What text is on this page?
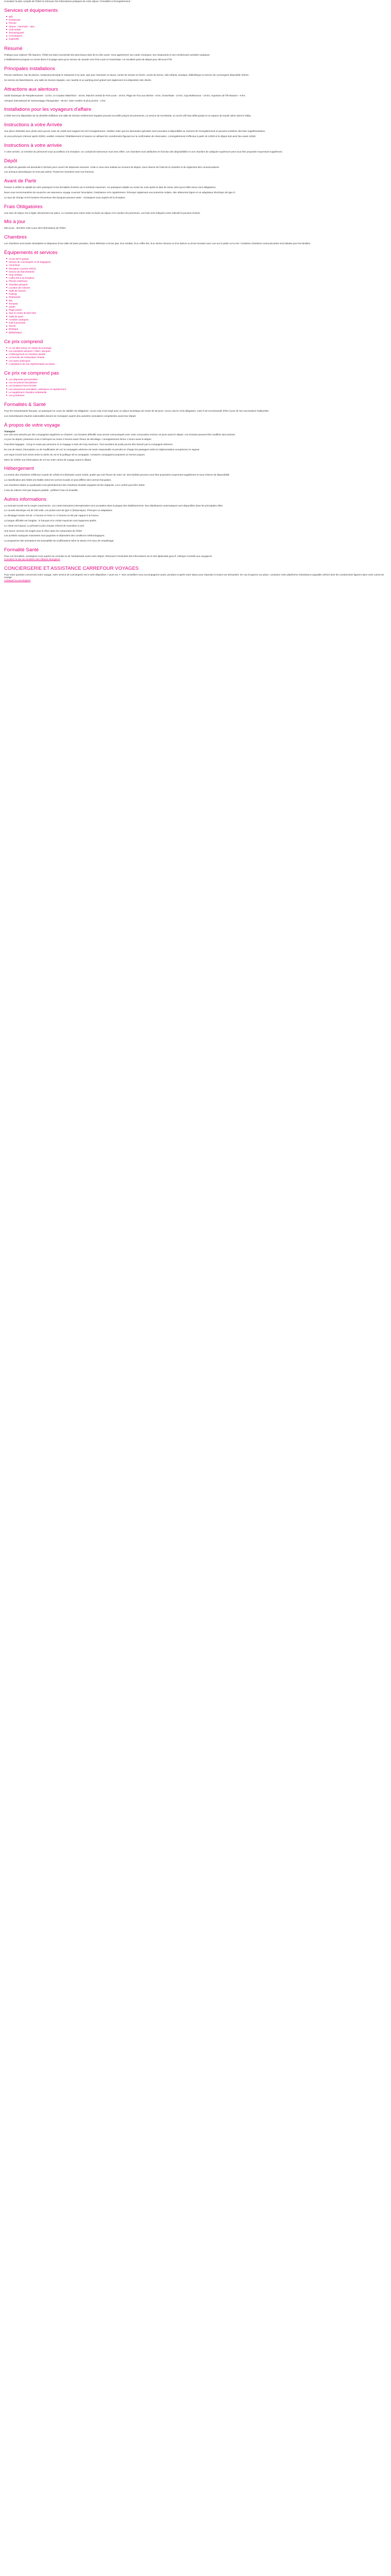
Consultez le plan complet de l'hôtel et retrouvez les informations pratiques de votre séjour. Formalités à l'enregistrement :

Services et équipements
Wifi
Restaurant
Piscine
Sauna - Hammam - Spa
Club enfant
Tennis/squash
Conciergerie
Supérette
Résumé

Pratique pour explorer l'île Maurice, l'hôtel est situé à proximité des plus beaux sites de la côte ouest. Vous apprécierez son cadre verdoyant, ses restaurants et ses nombreuses activités nautiques.

L'établissement propose un accès direct à la plage ainsi qu'un service de navette vers Port-Louis et Grand-Baie. Un excellent point de départ pour découvrir l'île.

Principales installations

Piscine extérieure, bar de piscine, restaurant principal et restaurant à la carte, spa avec hammam et sauna, centre de remise en forme, courts de tennis, club enfants, boutique, bibliothèque et service de conciergerie disponible 24h/24.

Un service de blanchisserie, une salle de réunion équipée, une navette et un parking privé gratuit sont également à la disposition des clients.

Attractions aux alentours

Jardin botanique de Pamplemousses - 12 km, Le Caudan Waterfront - 15 km, Marché central de Port-Louis - 16 km, Plage de Trou aux Biches - 8 km, Grand-Baie - 10 km, Cap Malheureux - 18 km, Aquarium de l'île Maurice - 9 km.

Aéroport international Sir Seewoosagur Ramgoolam - 55 km. Gare routière la plus proche - 3 km.

Installations pour les voyageurs d'affaire

L'hôtel met à la disposition de sa clientèle d'affaires une salle de réunion entièrement équipée pouvant accueillir jusqu'à 40 personnes, un service de secrétariat, un accès wifi haut débit gratuit et un espace de travail calme dans le lobby.

Instructions à votre Arrivée

Une pièce d'identité avec photo ainsi qu'une carte de crédit sont exigées lors de l'enregistrement. Veuillez noter que les demandes spéciales sont soumises à disponibilité au moment de l'enregistrement et peuvent entraîner des frais supplémentaires.

Si vous prévoyez d'arriver après 22h00, veuillez contacter l'établissement à l'avance en utilisant les coordonnées figurant sur la confirmation de réservation. L'enregistrement s'effectue à partir de 14h00 et le départ doit avoir lieu avant 11h00.

Instructions à votre arrivée

À votre arrivée, un membre du personnel vous accueillera à la réception. Un cocktail de bienvenue vous sera offert. Les chambres sont attribuées en fonction des disponibilités et une chambre de catégorie supérieure peut vous être proposée moyennant supplément.

Dépôt

Un dépôt de garantie est demandé à l'arrivée pour couvrir les dépenses annexes. Celui-ci vous sera restitué au moment du départ, sous réserve de l'état de la chambre et du règlement des consommations.

Les animaux domestiques ne sont pas admis. Toutes les chambres sont non-fumeurs.

Avant de Partir

Pensez à vérifier la validité de votre passeport et les formalités d'entrée sur le territoire mauricien. Un passeport valable au moins six mois après la date de retour ainsi qu'un billet retour sont obligatoires.

Nous vous recommandons de souscrire une assurance voyage couvrant l'annulation, l'assistance et le rapatriement. Prévoyez également une protection solaire, des vêtements légers et un adaptateur électrique de type G.

Le taux de change et les horaires d'ouverture des banques peuvent varier : renseignez-vous auprès de la réception.

Frais Obligatoires

Une taxe de séjour est à régler directement sur place. Le montant peut varier selon la durée du séjour et le nombre de personnes. Les frais sont indiqués à titre indicatif et peuvent évoluer.

Mis à jour

Mis à jour : dernière mise à jour des informations de l'hôtel.

Chambres

Les chambres sont toutes climatisées et disposent d'une salle de bains privative, d'une télévision à écran plat, d'un minibar, d'un coffre-fort, d'un sèche-cheveux et d'un balcon ou d'une terrasse avec vue sur le jardin ou la mer. Certaines chambres communicantes sont idéales pour les familles.

Équipements et services
Accès Wi-Fi gratuit
Service de conciergerie et de bagagerie
Ascenseur
Réception ouverte 24h/24
Service de blanchisserie
Club enfants
Coffre-fort à la réception
Piscine extérieure
Transfert aéroport
Location de voitures
Salle de réunion
Parking
Restaurant
Bar
Terrasse
Jardin
Plage privée
Spa et centre de bien-être
Salle de sport
Activités nautiques
Golf à proximité
Tennis
Boutique
Bibliothèque
Ce prix comprend
Le vol aller-retour en classe économique
Les transferts aéroport / hôtel / aéroport
L'hébergement en chambre double
La formule de restauration choisie
Les taxes d'aéroport
L'assistance de nos représentants sur place
Ce prix ne comprend pas
Les dépenses personnelles
Les excursions facultatives
Les boissons hors formule
Les assurances annulation, assistance et rapatriement
Le supplément chambre individuelle
Les pourboires
Formalités & Santé

Pour les ressortissants français, un passeport en cours de validité est obligatoire. Aucun visa n'est exigé pour un séjour touristique de moins de 90 jours. Aucun vaccin n'est obligatoire, mais il est recommandé d'être à jour de ses vaccinations habituelles.

Les ressortissants d'autres nationalités doivent se renseigner auprès des autorités consulaires compétentes avant leur départ.

À propos de votre voyage

Transport

Les vols sont assurés par des compagnies régulières ou charters. Les horaires définitifs vous seront communiqués avec votre convocation environ 10 jours avant le départ. Les horaires peuvent être modifiés sans préavis.

Le jour du départ, présentez-vous à l'aéroport au moins 3 heures avant l'heure de décollage. L'enregistrement ferme 1 heure avant le départ.

Franchise bagages : 23 kg en soute par personne et un bagage à main de 8 kg maximum. Tout excédent de poids pourra être facturé par la compagnie aérienne.

En cas de retard, d'annulation ou de modification de vol, la compagnie aérienne est seule responsable et prendra en charge les passagers selon la réglementation européenne en vigueur.

Les repas à bord sont servis selon la durée du vol et la politique de la compagnie. Certaines compagnies proposent un service payant.

Merci de vérifier vos informations de vol sur votre carnet de voyage avant le départ.

Hébergement

La remise des chambres s'effectue à partir de 14h00 et la libération avant 11h00, quelle que soit l'heure de votre vol. Des facilités peuvent vous être proposées moyennant supplément et sous réserve de disponibilité.

La classification des hôtels est établie selon les normes locales et peut différer des normes françaises.

Les chambres triples ou quadruples sont généralement des chambres doubles équipées de lits d'appoint. Leur confort peut être réduit.

L'eau du robinet n'est pas toujours potable : préférez l'eau en bouteille.

Autres informations

La monnaie locale est la roupie mauricienne. Les cartes bancaires internationales sont acceptées dans la plupart des établissements. Des distributeurs automatiques sont disponibles dans les principales villes.

Le courant électrique est de 230 volts. Les prises sont de type G (britannique). Prévoyez un adaptateur.

Le décalage horaire est de +2 heures en hiver et +3 heures en été par rapport à la France.

La langue officielle est l'anglais ; le français et le créole mauricien sont largement parlés.

Le climat est tropical. La période la plus chaude s'étend de novembre à avril.

Une tenue correcte est exigée pour le dîner dans les restaurants de l'hôtel.

Les activités nautiques motorisées sont payantes et dépendent des conditions météorologiques.

Le programme des animations est susceptible de modifications selon la saison et le taux de remplissage.

Formalité Santé

Pour vos formalités, renseignez-vous auprès du consulat ou de l'ambassade avant votre départ. Retrouvez l'ensemble des informations sur le site diplomatie.gouv.fr, rubrique Conseils aux voyageurs.

Consultez le site du ministère des Affaires étrangères

CONCIERGERIE ET ASSISTANCE CARREFOUR VOYAGES

Pour toute question concernant votre voyage, notre service de conciergerie est à votre disposition 7 jours sur 7. Nos conseillers vous accompagnent avant, pendant et après votre séjour pour répondre à toutes vos demandes. En cas d'urgence sur place, contactez notre plateforme d'assistance joignable 24h/24 dont les coordonnées figurent dans votre carnet de voyage.

Contacter la conciergerie
